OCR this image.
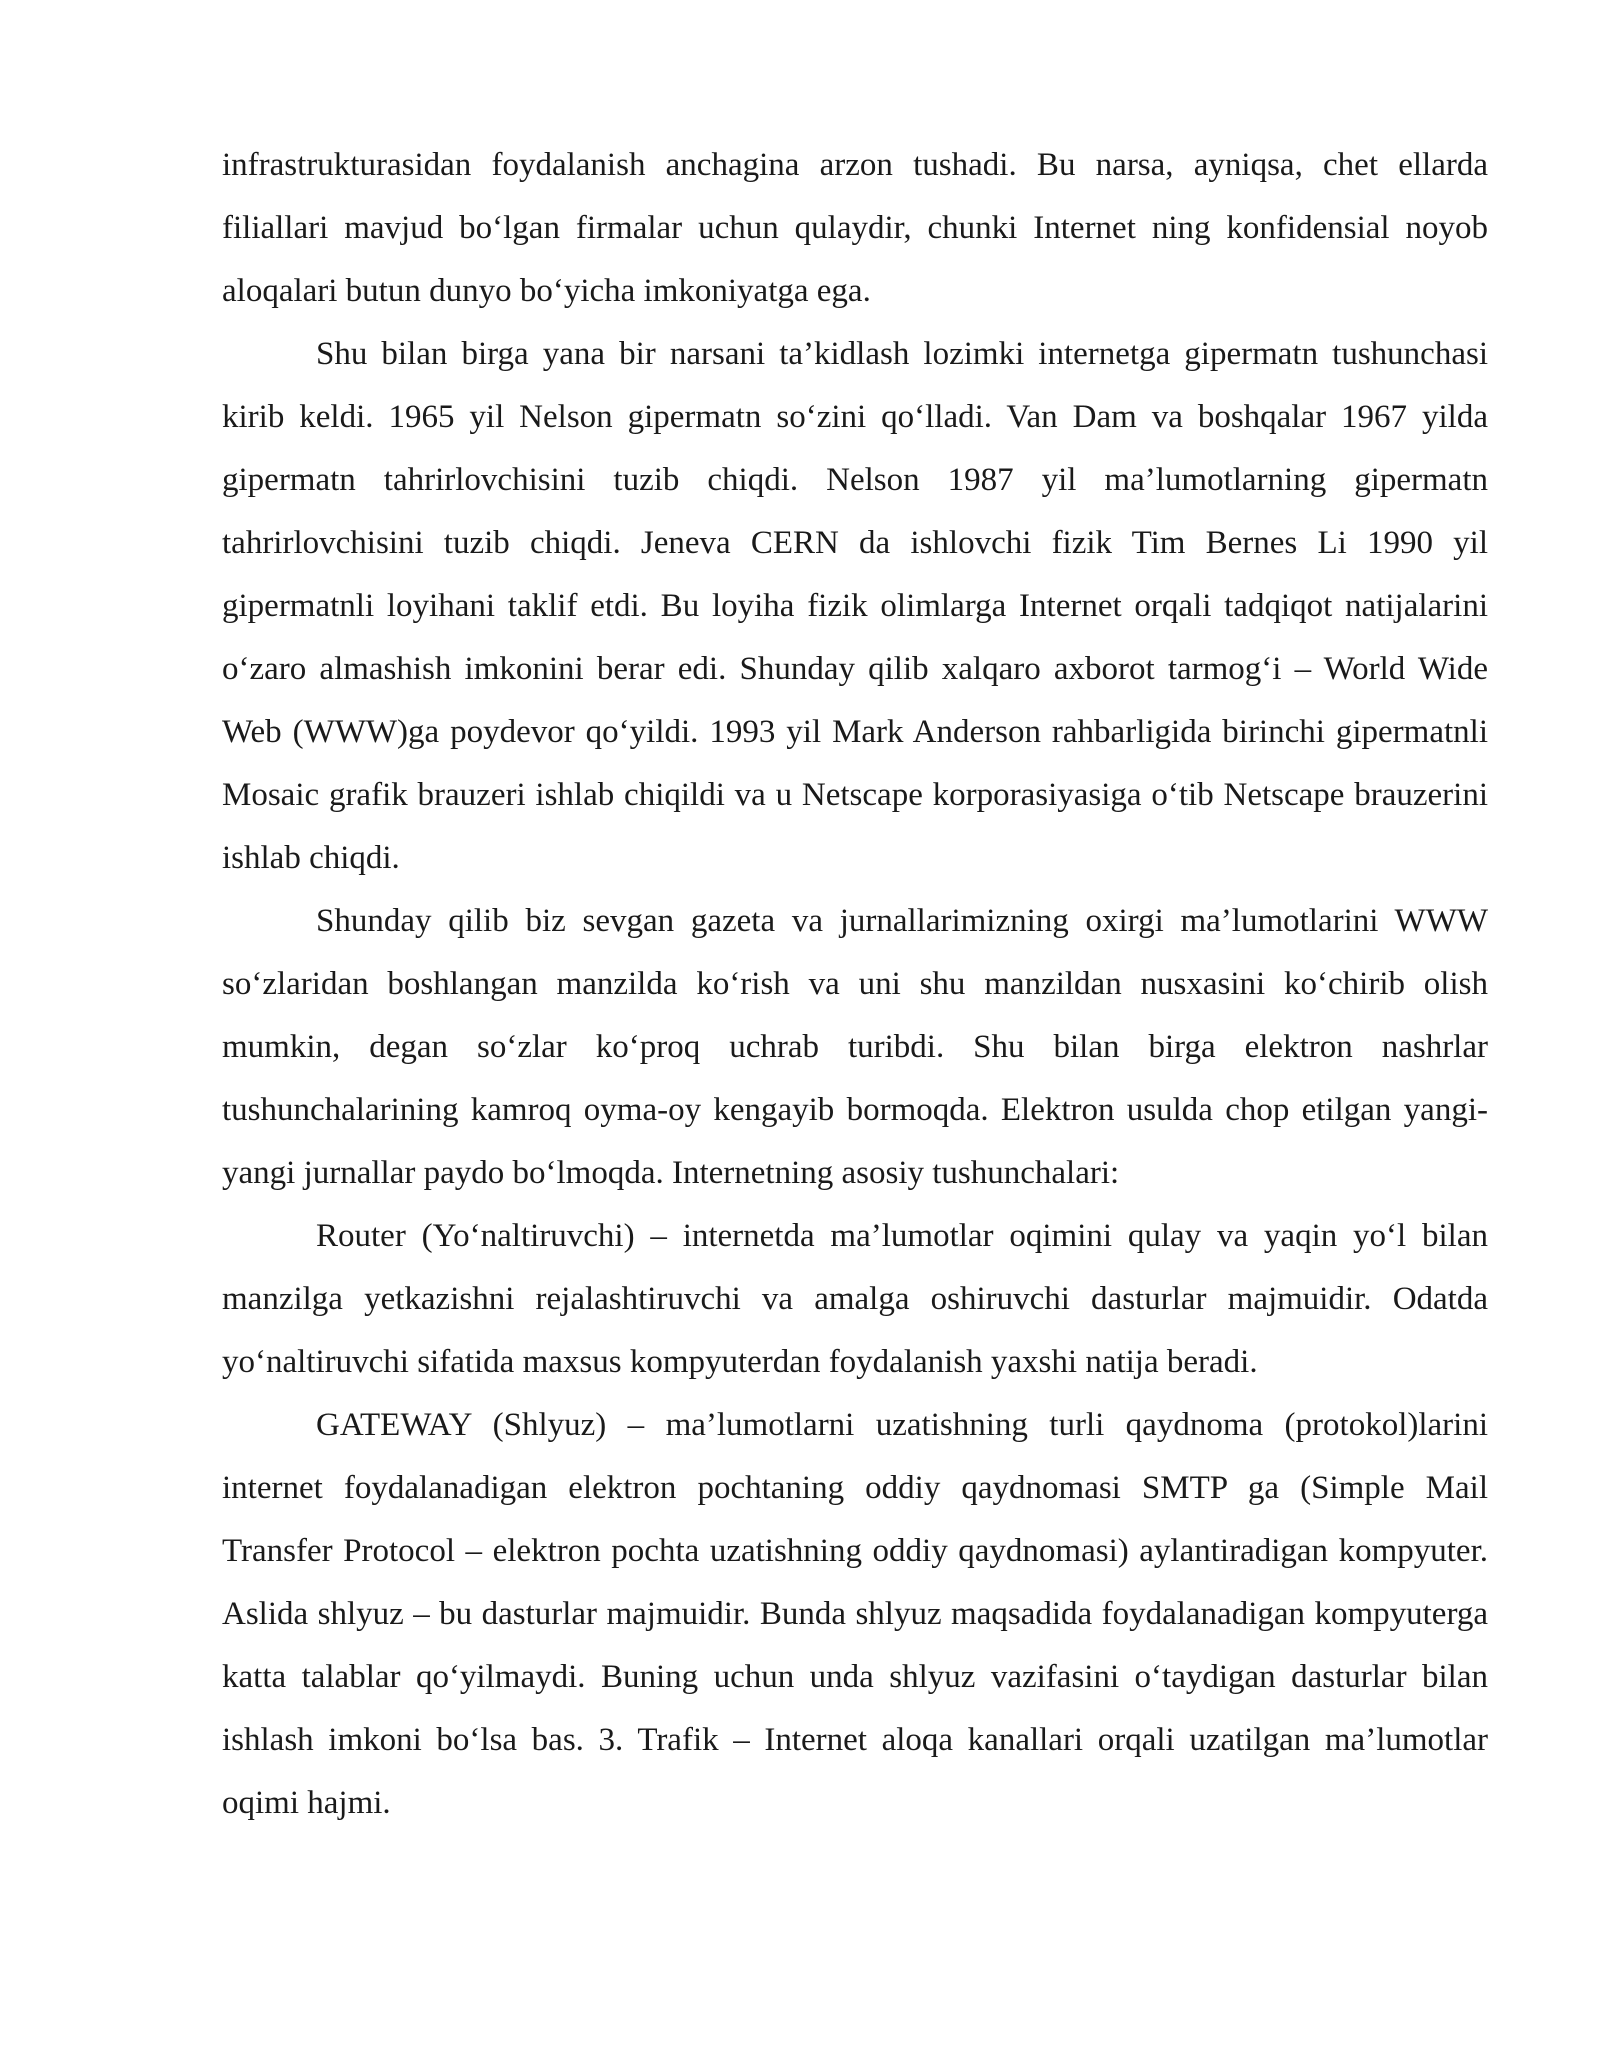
infrastrukturasidan foydalanish anchagina arzon tushadi. Bu narsa, ayniqsa, chet ellarda filiallari mavjud bo‘lgan firmalar uchun qulaydir, chunki Internet ning konfidensial noyob aloqalari butun dunyo bo‘yicha imkoniyatga ega.

Shu bilan birga yana bir narsani ta’kidlash lozimki internetga gipermatn tushunchasi kirib keldi. 1965 yil Nelson gipermatn so‘zini qo‘lladi. Van Dam va boshqalar 1967 yilda gipermatn tahrirlovchisini tuzib chiqdi. Nelson 1987 yil ma’lumotlarning gipermatn tahrirlovchisini tuzib chiqdi. Jeneva CERN da ishlovchi fizik Tim Bernes Li 1990 yil gipermatnli loyihani taklif etdi. Bu loyiha fizik olimlarga Internet orqali tadqiqot natijalarini o‘zaro almashish imkonini berar edi. Shunday qilib xalqaro axborot tarmog‘i – World Wide Web (WWW)ga poydevor qo‘yildi. 1993 yil Mark Anderson rahbarligida birinchi gipermatnli Mosaic grafik brauzeri ishlab chiqildi va u Netscape korporasiyasiga o‘tib Netscape brauzerini ishlab chiqdi.

Shunday qilib biz sevgan gazeta va jurnallarimizning oxirgi ma’lumotlarini WWW so‘zlaridan boshlangan manzilda ko‘rish va uni shu manzildan nusxasini ko‘chirib olish mumkin, degan so‘zlar ko‘proq uchrab turibdi. Shu bilan birga elektron nashrlar tushunchalarining kamroq oyma-oy kengayib bormoqda. Elektron usulda chop etilgan yangi-yangi jurnallar paydo bo‘lmoqda. Internetning asosiy tushunchalari:

Router (Yo‘naltiruvchi) – internetda ma’lumotlar oqimini qulay va yaqin yo‘l bilan manzilga yetkazishni rejalashtiruvchi va amalga oshiruvchi dasturlar majmuidir. Odatda yo‘naltiruvchi sifatida maxsus kompyuterdan foydalanish yaxshi natija beradi.

GATEWAY (Shlyuz) – ma’lumotlarni uzatishning turli qaydnoma (protokol)larini internet foydalanadigan elektron pochtaning oddiy qaydnomasi SMTP ga (Simple Mail Transfer Protocol – elektron pochta uzatishning oddiy qaydnomasi) aylantiradigan kompyuter. Aslida shlyuz – bu dasturlar majmuidir. Bunda shlyuz maqsadida foydalanadigan kompyuterga katta talablar qo‘yilmaydi. Buning uchun unda shlyuz vazifasini o‘taydigan dasturlar bilan ishlash imkoni bo‘lsa bas. 3. Trafik – Internet aloqa kanallari orqali uzatilgan ma’lumotlar oqimi hajmi.
